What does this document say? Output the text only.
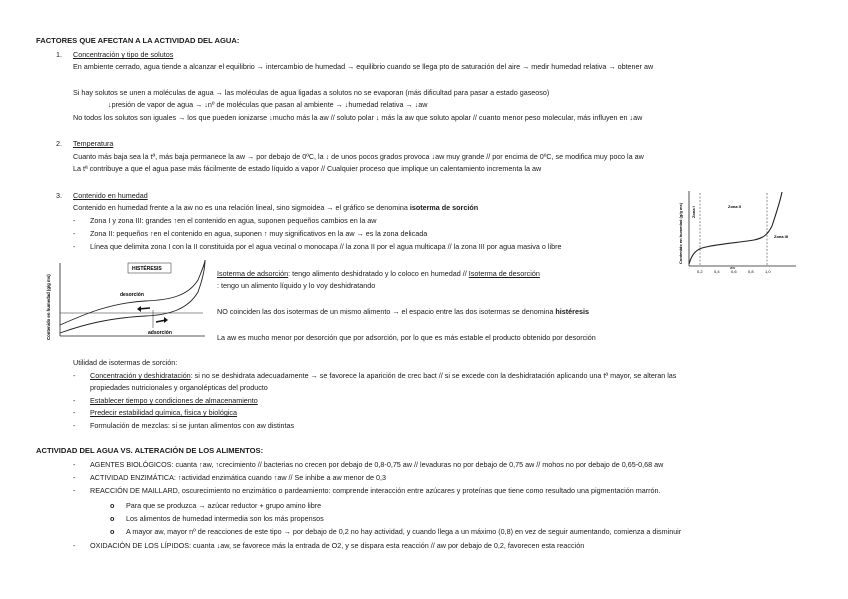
FACTORES QUE AFECTAN A LA ACTIVIDAD DEL AGUA:
1. Concentración y tipo de solutos
En ambiente cerrado, agua tiende a alcanzar el equilibrio → intercambio de humedad → equilibrio cuando se llega pto de saturación del aire → medir humedad relativa → obtener aw
Si hay solutos se unen a moléculas de agua → las moléculas de agua ligadas a solutos no se evaporan (más dificultad para pasar a estado gaseoso)
↓presión de vapor de agua → ↓nº de moléculas que pasan al ambiente → ↓humedad relativa → ↓aw
No todos los solutos son iguales → los que pueden ionizarse ↓mucho más la aw // soluto polar ↓ más la aw que soluto apolar // cuanto menor peso molecular, más influyen en ↓aw
2. Temperatura
Cuanto más baja sea la tª, más baja permanece la aw → por debajo de 0ºC, la ↓ de unos pocos grados provoca ↓aw muy grande // por encima de 0ºC, se modifica muy poco la aw
La tª contribuye a que el agua pase más fácilmente de estado líquido a vapor // Cualquier proceso que implique un calentamiento incrementa la aw
3. Contenido en humedad
Contenido en humedad frente a la aw no es una relación lineal, sino sigmoidea → el gráfico se denomina isoterma de sorción
- Zona I y zona III: grandes ↑en el contenido en agua, suponen pequeños cambios en la aw
- Zona II: pequeños ↑en el contenido en agua, suponen ↑ muy significativos en la aw → es la zona delicada
- Línea que delimita zona I con la II constituida por el agua vecinal o monocapa // la zona II por el agua multicapa // la zona III por agua masiva o libre
Contenido en humedad (g/g ms)
HISTÉRESIS
desorción
adsorción
Isoterma de adsorción: tengo alimento deshidratado y lo coloco en humedad // Isoterma de desorción
: tengo un alimento líquido y lo voy deshidratando
NO coinciden las dos isotermas de un mismo alimento → el espacio entre las dos isotermas se denomina histéresis
La aw es mucho menor por desorción que por adsorción, por lo que es más estable el producto obtenido por desorción
Contenido en humedad (g/g ms) Zona I	Zona II
Zona III
aw
0,2	0,4	0,6	0,8	1,0
Utilidad de isotermas de sorción:
- Concentración y deshidratación: si no se deshidrata adecuadamente → se favorece la aparición de crec bact // si se excede con la deshidratación aplicando una tª mayor, se alteran las
propiedades nutricionales y organolépticas del producto
- Establecer tiempo y condiciones de almacenamiento
- Predecir estabilidad química, física y biológica
- Formulación de mezclas: si se juntan alimentos con aw distintas
ACTIVIDAD DEL AGUA VS. ALTERACIÓN DE LOS ALIMENTOS:
- AGENTES BIOLÓGICOS: cuanta ↑aw, ↑crecimiento // bacterias no crecen por debajo de 0,8-0,75 aw // levaduras no por debajo de 0,75 aw // mohos no por debajo de 0,65-0,68 aw
- ACTIVIDAD ENZIMÁTICA: ↑actividad enzimática cuando ↑aw // Se inhibe a aw menor de 0,3
- REACCIÓN DE MAILLARD, oscurecimiento no enzimático o pardeamiento: comprende interacción entre azúcares y proteínas que tiene como resultado una pigmentación marrón.
o Para que se produzca → azúcar reductor + grupo amino libre
o Los alimentos de humedad intermedia son los más propensos
o A mayor aw, mayor nº de reacciones de este tipo → por debajo de 0,2 no hay actividad, y cuando llega a un máximo (0,8) en vez de seguir aumentando, comienza a disminuir
- OXIDACIÓN DE LOS LÍPIDOS: cuanta ↓aw, se favorece más la entrada de O2, y se dispara esta reacción // aw por debajo de 0,2, favorecen esta reacción
